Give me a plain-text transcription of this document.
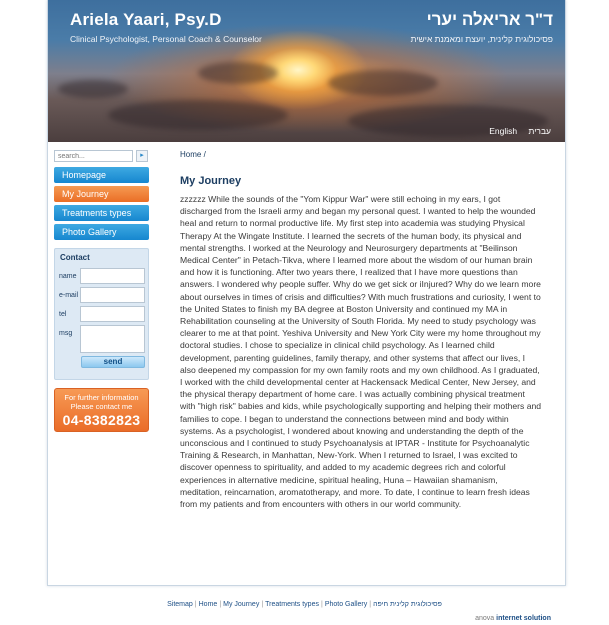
Ariela Yaari, Psy.D
Clinical Psychologist, Personal Coach & Counselor
ד"ר אריאלה יערי
פסיכולוגית קלינית, יועצת ומאמנת אישית
English עברית
search...
▸
Homepage
My Journey
Treatments types
Photo Gallery
Contact
name
e-mail
tel
msg
send
For further information
Please contact me
04-8382823
Home /
My Journey
zzzzzz While the sounds of the "Yom Kippur War" were still echoing in my ears, I got discharged from the Israeli army and began my personal quest. I wanted to help the wounded heal and return to normal productive life. My first step into academia was studying Physical Therapy At the Wingate Institute. I learned the secrets of the human body, its physical and mental strengths. I worked at the Neurology and Neurosurgery departments at "Beilinson Medical Center" in Petach-Tikva, where I learned more about the wisdom of our human brain and how it is functioning. After two years there, I realized that I have more questions than answers. I wondered why people suffer. Why do we get sick or iInjured? Why do we learn more about ourselves in times of crisis and difficulties? With much frustrations and curiosity, I went to the United States to finish my BA degree at Boston University and continued my MA in Rehabilitation counseling at the University of South Florida. My need to study psychology was clearer to me at that point. Yeshiva University and New York City were my home throughout my doctoral studies. I chose to specialize in clinical child psychology. As I learned child development, parenting guidelines, family therapy, and other systems that affect our lives, I also deepened my compassion for my own family roots and my own childhood. As I graduated, I worked with the child developmental center at Hackensack Medical Center, New Jersey, and the physical therapy department of home care. I was actually combining physical treatment with "high risk" babies and kids, while psychologically supporting and helping their mothers and families to cope. I began to understand the connections between mind and body within systems. As a psychologist, I wondered about knowing and understanding the depth of the unconscious and I continued to study Psychoanalysis at IPTAR - Institute for Psychoanalytic Training & Research, in Manhattan, New-York. When I returned to Israel, I was excited to discover openness to spirituality, and added to my academic degrees rich and colorful experiences in alternative medicine, spiritual healing, Huna – Hawaiian shamanism, meditation, reincarnation, aromatotherapy, and more. To date, I continue to learn fresh ideas from my patients and from encounters with others in our world community.
Sitemap | Home | My Journey | Treatments types | Photo Gallery | פסיכולוגית קלינית חיפה
anova internet solution
